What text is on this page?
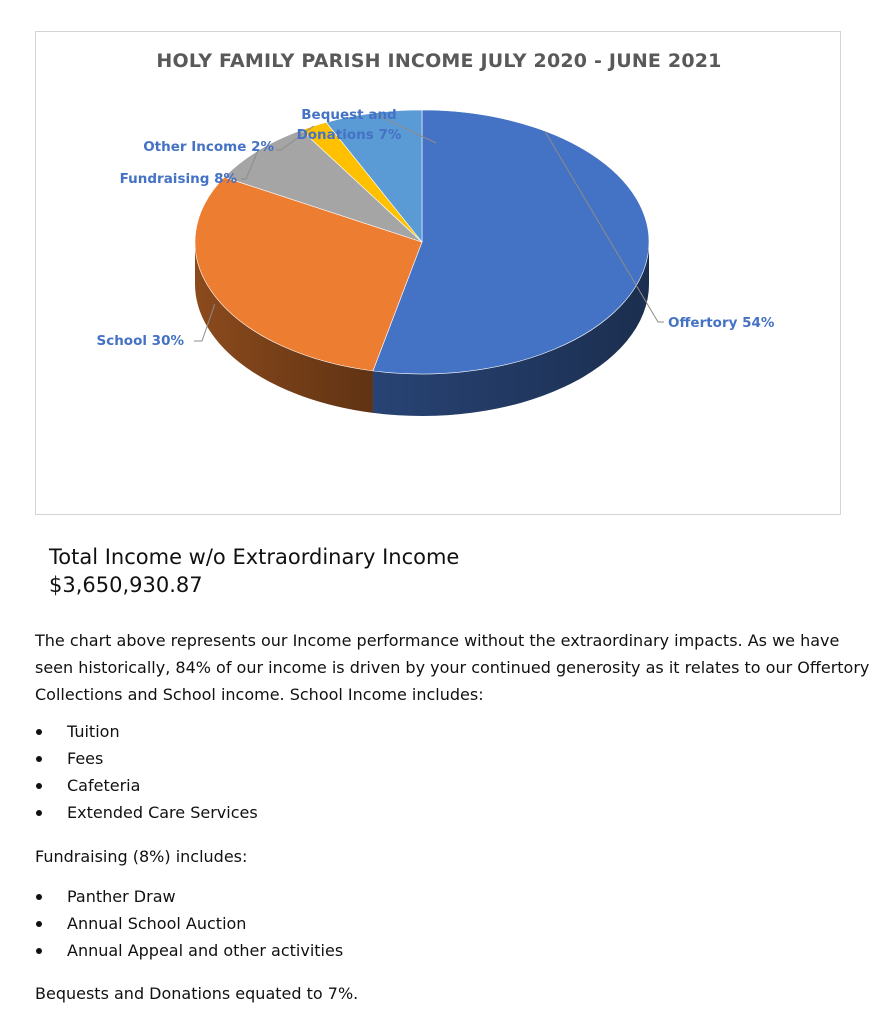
Offertory 54%
School 30%
Fundraising 8%
Other Income 2%
Bequest and
Donations 7%
HOLY FAMILY PARISH INCOME JULY 2020 - JUNE 2021
Total Income w/o Extraordinary Income
$3,650,930.87
The chart above represents our Income performance without the extraordinary impacts. As we have seen historically, 84% of our income is driven by your continued generosity as it relates to our Offertory Collections and School income. School Income includes:
Tuition
Fees
Cafeteria
Extended Care Services
Fundraising (8%) includes:
Panther Draw
Annual School Auction
Annual Appeal and other activities
Bequests and Donations equated to 7%.
